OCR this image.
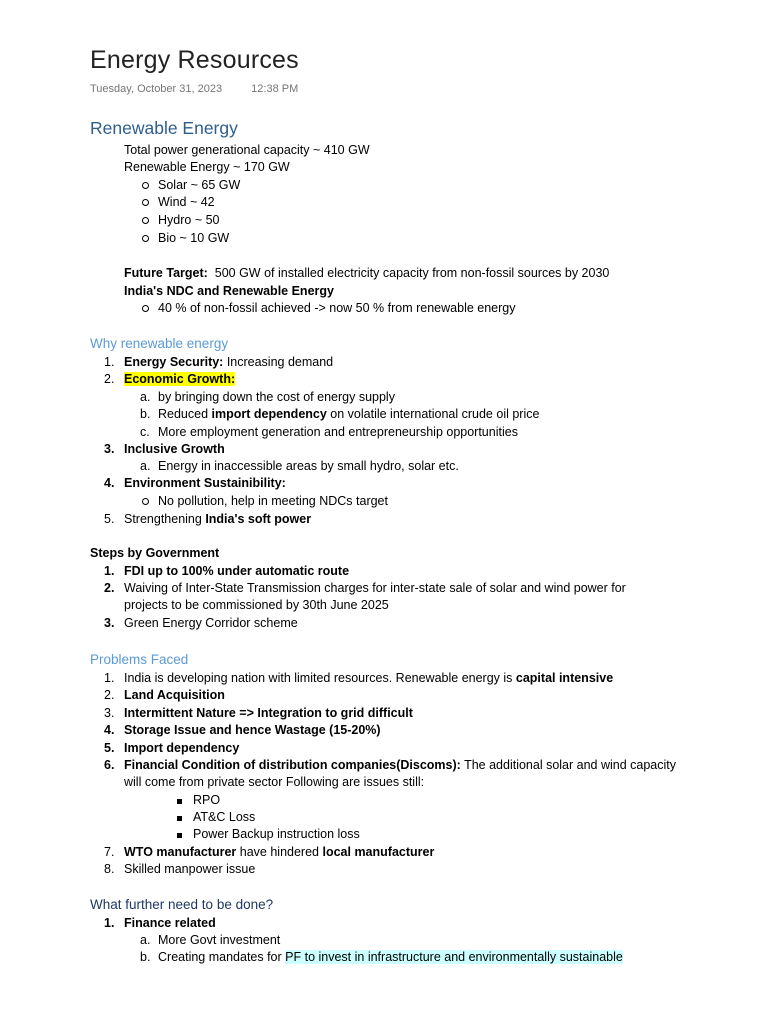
Energy Resources
Tuesday, October 31, 2023	12:38 PM
Renewable Energy
Total power generational capacity ~ 410 GW
Renewable Energy ~ 170 GW
Solar ~ 65 GW
Wind ~ 42
Hydro ~ 50
Bio ~ 10 GW
Future Target: 500 GW of installed electricity capacity from non-fossil sources by 2030
India's NDC and Renewable Energy
40 % of non-fossil achieved -> now 50 % from renewable energy
Why renewable energy
1. Energy Security: Increasing demand
2. Economic Growth:
a. by bringing down the cost of energy supply
b. Reduced import dependency on volatile international crude oil price
c. More employment generation and entrepreneurship opportunities
3. Inclusive Growth
a. Energy in inaccessible areas by small hydro, solar etc.
4. Environment Sustainibility:
No pollution, help in meeting NDCs target
5. Strengthening India's soft power
Steps by Government
1. FDI up to 100% under automatic route
2. Waiving of Inter-State Transmission charges for inter-state sale of solar and wind power for
projects to be commissioned by 30th June 2025
3. Green Energy Corridor scheme
Problems Faced
1. India is developing nation with limited resources. Renewable energy is capital intensive
2. Land Acquisition
3. Intermittent Nature => Integration to grid difficult
4. Storage Issue and hence Wastage (15-20%)
5. Import dependency
6. Financial Condition of distribution companies(Discoms): The additional solar and wind capacity
will come from private sector Following are issues still:
RPO
AT&C Loss
Power Backup instruction loss
7. WTO manufacturer have hindered local manufacturer
8. Skilled manpower issue
What further need to be done?
1. Finance related
a. More Govt investment
b. Creating mandates for PF to invest in infrastructure and environmentally sustainable
